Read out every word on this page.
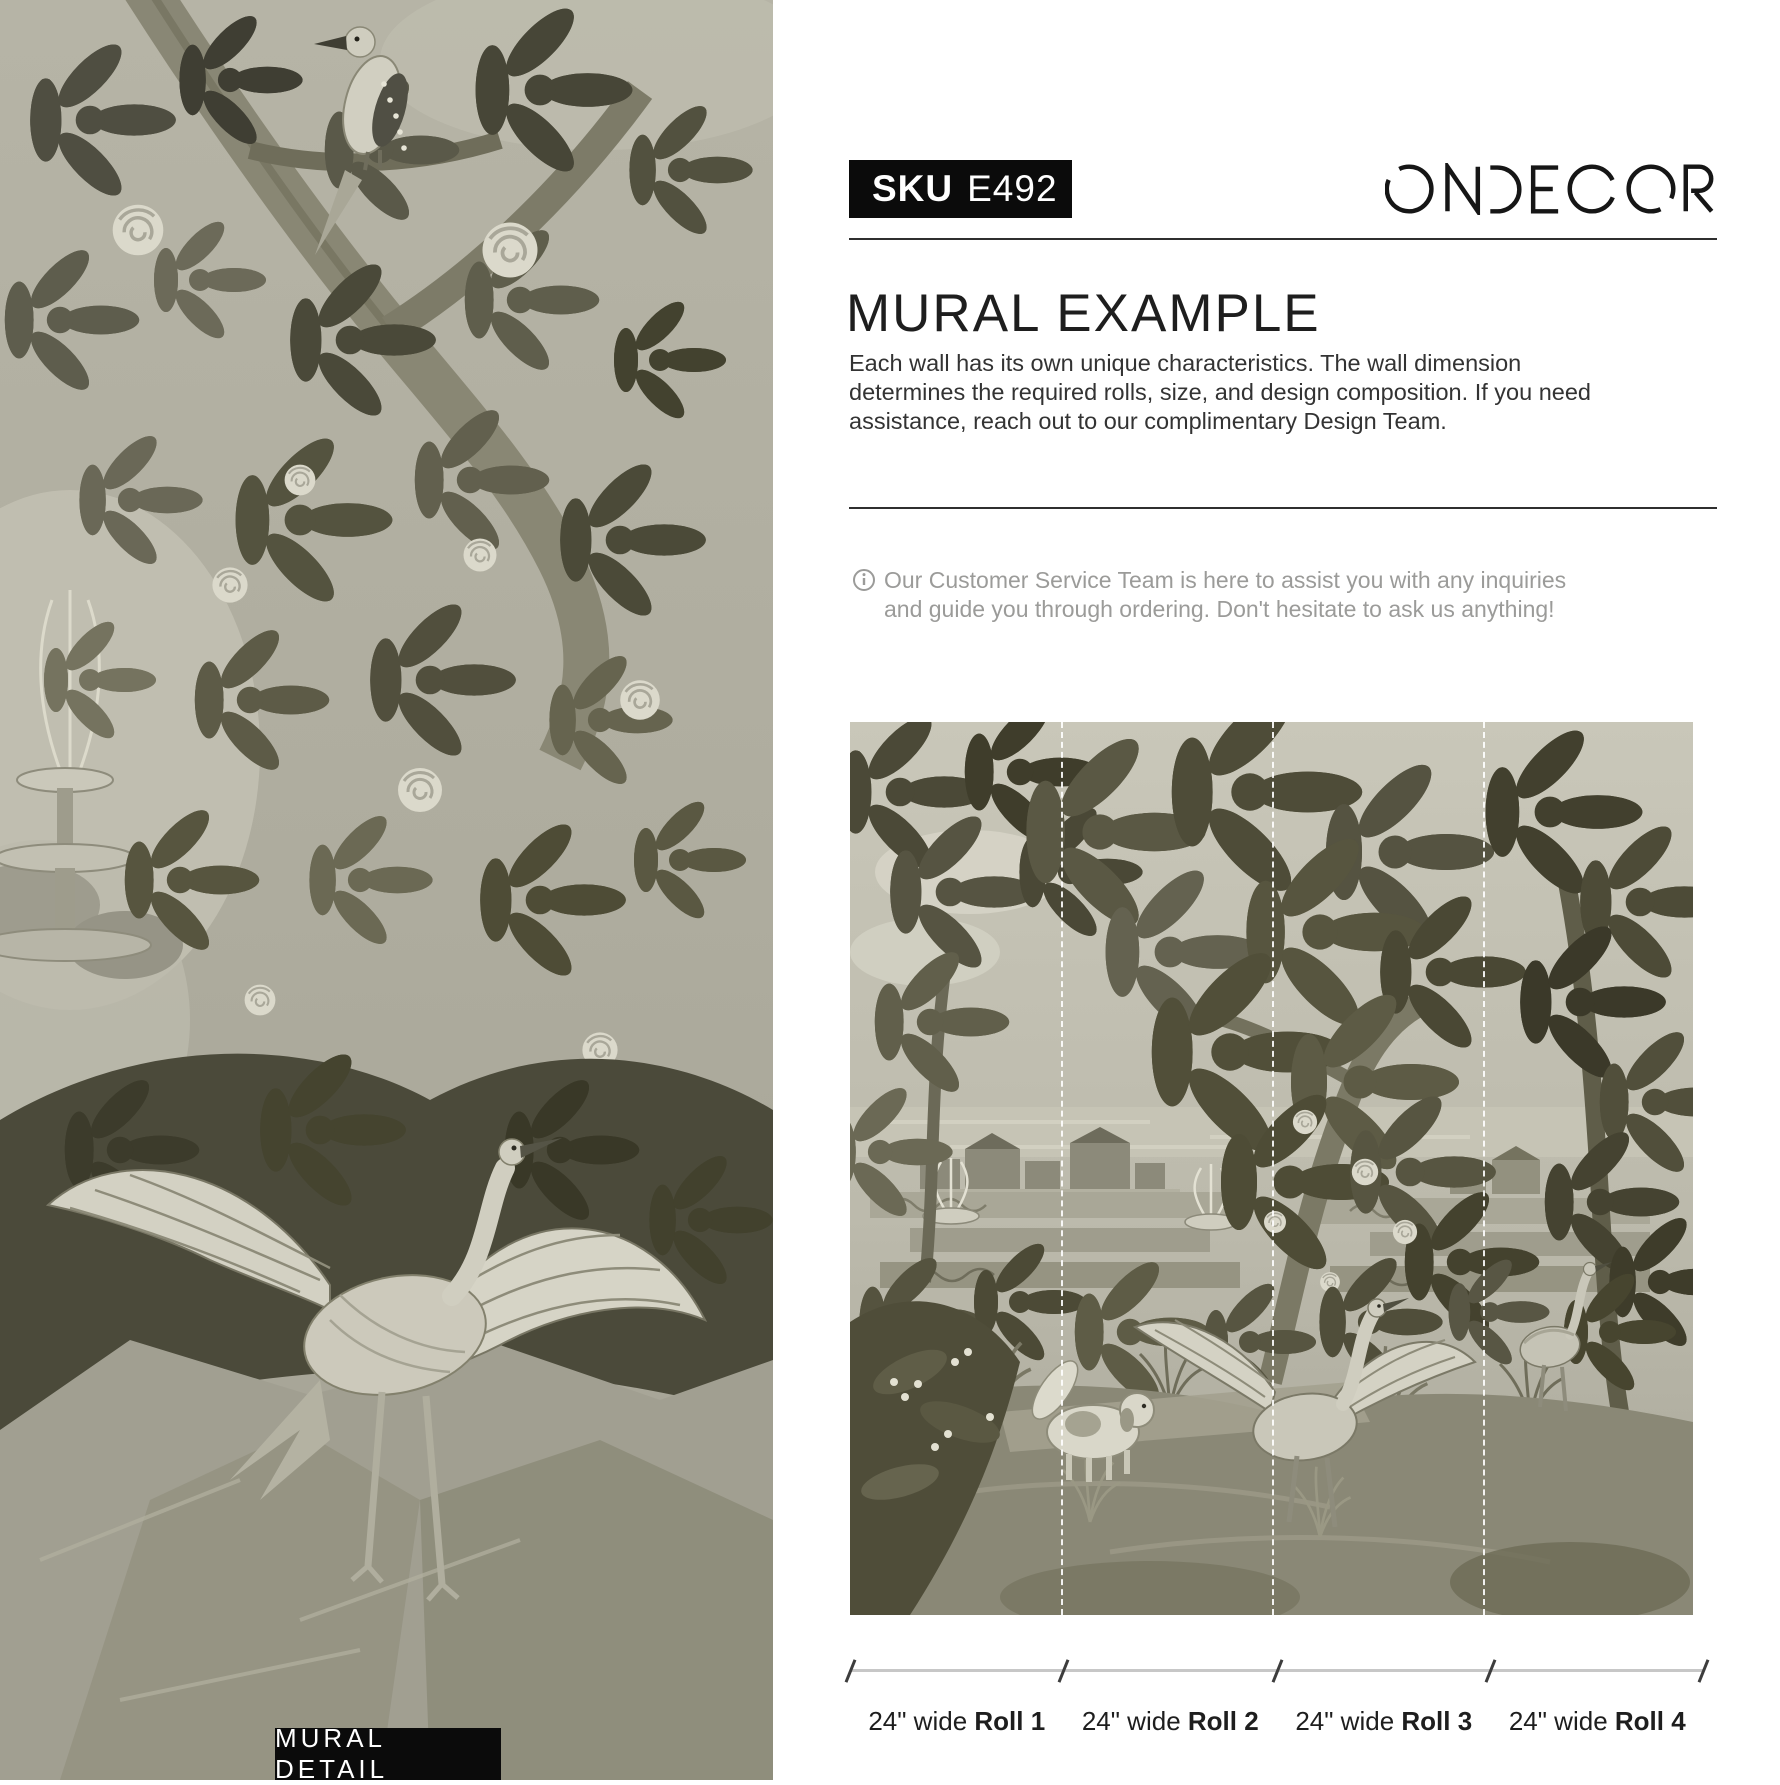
MURAL DETAIL
SKU E492
MURAL EXAMPLE
Each wall has its own unique characteristics. The wall dimension
determines the required rolls, size, and design composition. If you need
assistance, reach out to our complimentary Design Team.
Our Customer Service Team is here to assist you with any inquiries
and guide you through ordering. Don't hesitate to ask us anything!
24" wide Roll 1	24" wide Roll 2	24" wide Roll 3	24" wide Roll 4
